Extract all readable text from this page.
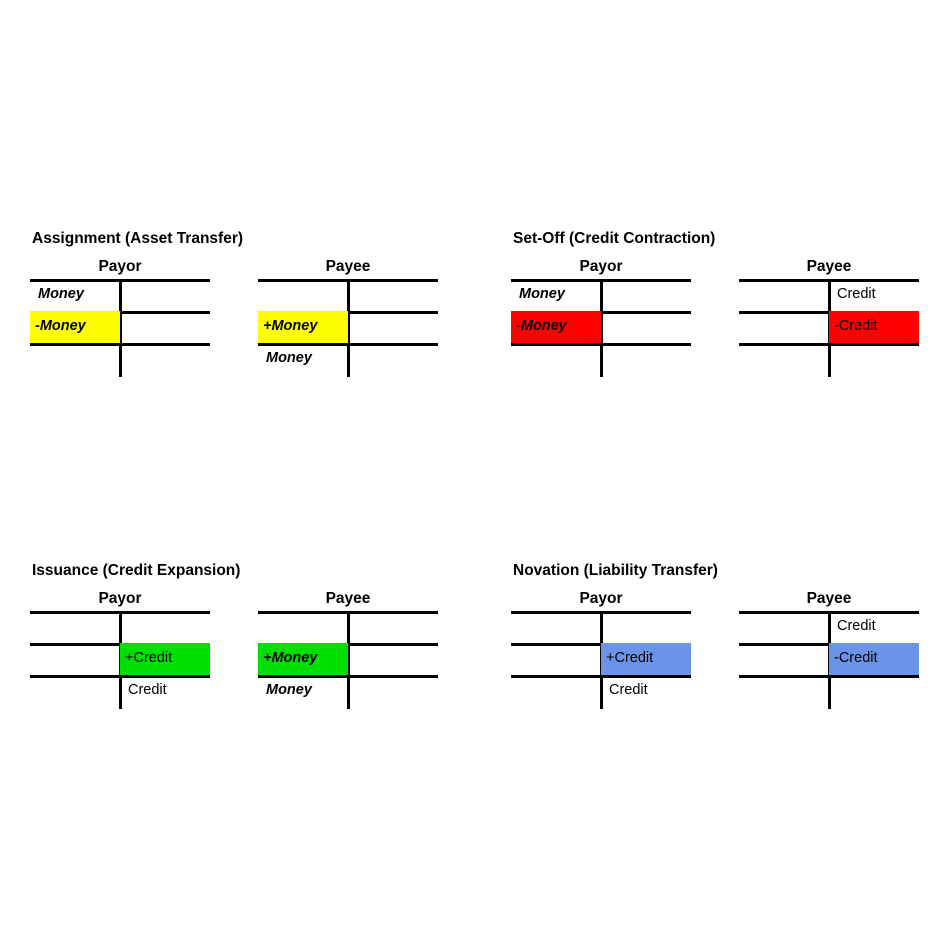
Assignment (Asset Transfer)
Payor
Money
-Money
Payee
+Money
Money
Set-Off (Credit Contraction)
Payor
Money
-Money
Payee
Credit
-Credit
Issuance (Credit Expansion)
Payor
+Credit
Credit
Payee
+Money
Money
Novation (Liability Transfer)
Payor
+Credit
Credit
Payee
Credit
-Credit
